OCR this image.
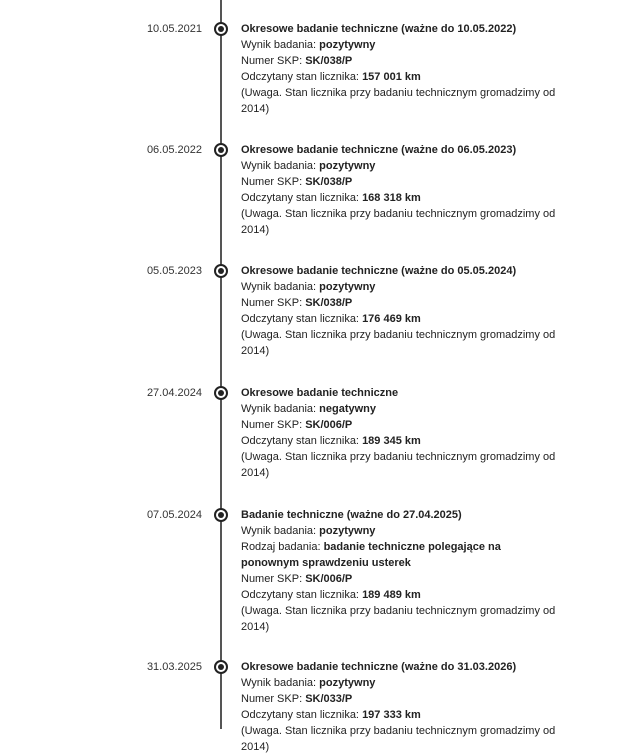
10.05.2021	Okresowe badanie techniczne (ważne do 10.05.2022)
Wynik badania: pozytywny
Numer SKP: SK/038/P
Odczytany stan licznika: 157 001 km
(Uwaga. Stan licznika przy badaniu technicznym gromadzimy od 2014)
06.05.2022	Okresowe badanie techniczne (ważne do 06.05.2023)
Wynik badania: pozytywny
Numer SKP: SK/038/P
Odczytany stan licznika: 168 318 km
(Uwaga. Stan licznika przy badaniu technicznym gromadzimy od 2014)
05.05.2023	Okresowe badanie techniczne (ważne do 05.05.2024)
Wynik badania: pozytywny
Numer SKP: SK/038/P
Odczytany stan licznika: 176 469 km
(Uwaga. Stan licznika przy badaniu technicznym gromadzimy od 2014)
27.04.2024	Okresowe badanie techniczne
Wynik badania: negatywny
Numer SKP: SK/006/P
Odczytany stan licznika: 189 345 km
(Uwaga. Stan licznika przy badaniu technicznym gromadzimy od 2014)
07.05.2024	Badanie techniczne (ważne do 27.04.2025)
Wynik badania: pozytywny
Rodzaj badania: badanie techniczne polegające na ponownym sprawdzeniu usterek
Numer SKP: SK/006/P
Odczytany stan licznika: 189 489 km
(Uwaga. Stan licznika przy badaniu technicznym gromadzimy od 2014)
31.03.2025	Okresowe badanie techniczne (ważne do 31.03.2026)
Wynik badania: pozytywny
Numer SKP: SK/033/P
Odczytany stan licznika: 197 333 km
(Uwaga. Stan licznika przy badaniu technicznym gromadzimy od 2014)
